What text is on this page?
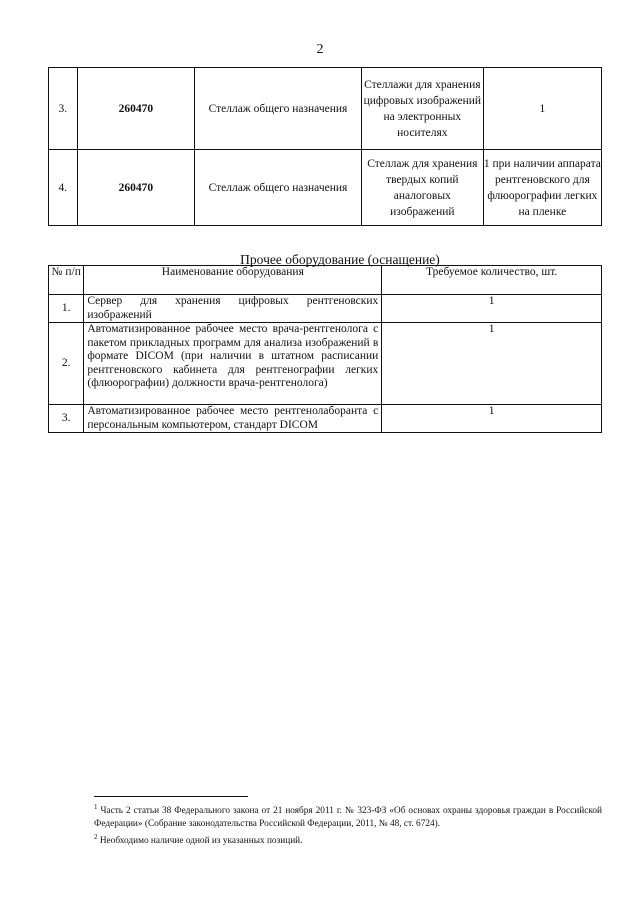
2
3.	260470	Стеллаж общего назначения	Стеллажи для хранения цифровых изображений на электронных носителях	1
4.	260470	Стеллаж общего назначения	Стеллаж для хранения твердых копий аналоговых изображений	1 при наличии аппарата рентгеновского для флюорографии легких на пленке
Прочее оборудование (оснащение)
№ п/п	Наименование оборудования	Требуемое количество, шт.
1.	Сервер для хранения цифровых рентгеновских изображений	1
2.	Автоматизированное рабочее место врача-рентгенолога с пакетом прикладных программ для анализа изображений в формате DICOM (при наличии в штатном расписании рентгеновского кабинета для рентгенографии легких (флюорографии) должности врача-рентгенолога)	1
3.	Автоматизированное рабочее место рентгенолаборанта с персональным компьютером, стандарт DICOM	1

$^1$ Часть 2 статьи 38 Федерального закона от 21 ноября 2011 г. № 323-ФЗ «Об основах охраны здоровья граждан в Российской Федерации» (Собрание законодательства Российской Федерации, 2011, № 48, ст. 6724).

$^2$ Необходимо наличие одной из указанных позиций.
